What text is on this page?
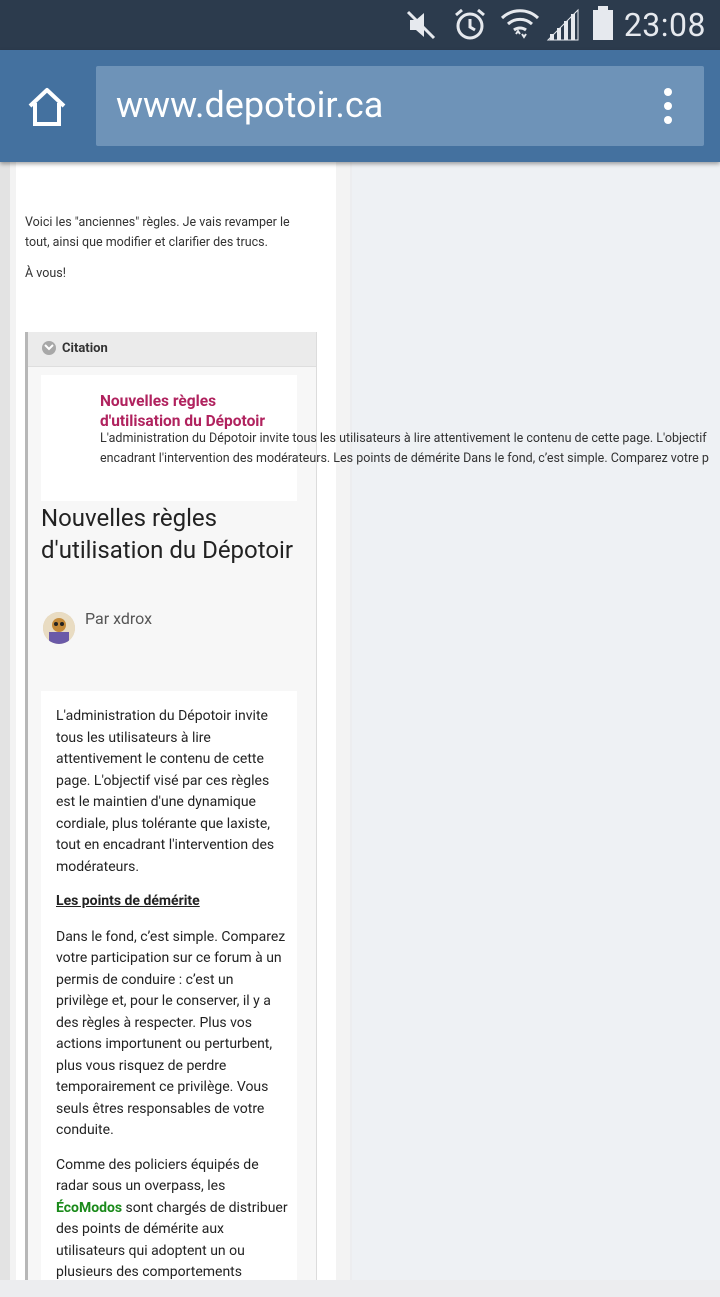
23:08
www.depotoir.ca
Voici les "anciennes" règles. Je vais revamper le tout, ainsi que modifier et clarifier des trucs.
À vous!
Citation
Nouvelles règles d'utilisation du Dépotoir
L'administration du Dépotoir invite tous les utilisateurs à lire attentivement le contenu de cette page. L'objectif
encadrant l'intervention des modérateurs. Les points de démérite Dans le fond, c’est simple. Comparez votre p
Nouvelles règles d'utilisation du Dépotoir
Par xdrox

L'administration du Dépotoir invite tous les utilisateurs à lire attentivement le contenu de cette page. L'objectif visé par ces règles est le maintien d'une dynamique cordiale, plus tolérante que laxiste, tout en encadrant l'intervention des modérateurs.

Les points de démérite

Dans le fond, c’est simple. Comparez votre participation sur ce forum à un permis de conduire : c’est un privilège et, pour le conserver, il y a des règles à respecter. Plus vos actions importunent ou perturbent, plus vous risquez de perdre temporairement ce privilège. Vous seuls êtres responsables de votre conduite.

Comme des policiers équipés de radar sous un overpass, les ÉcoModos sont chargés de distribuer des points de démérite aux utilisateurs qui adoptent un ou plusieurs des comportements
